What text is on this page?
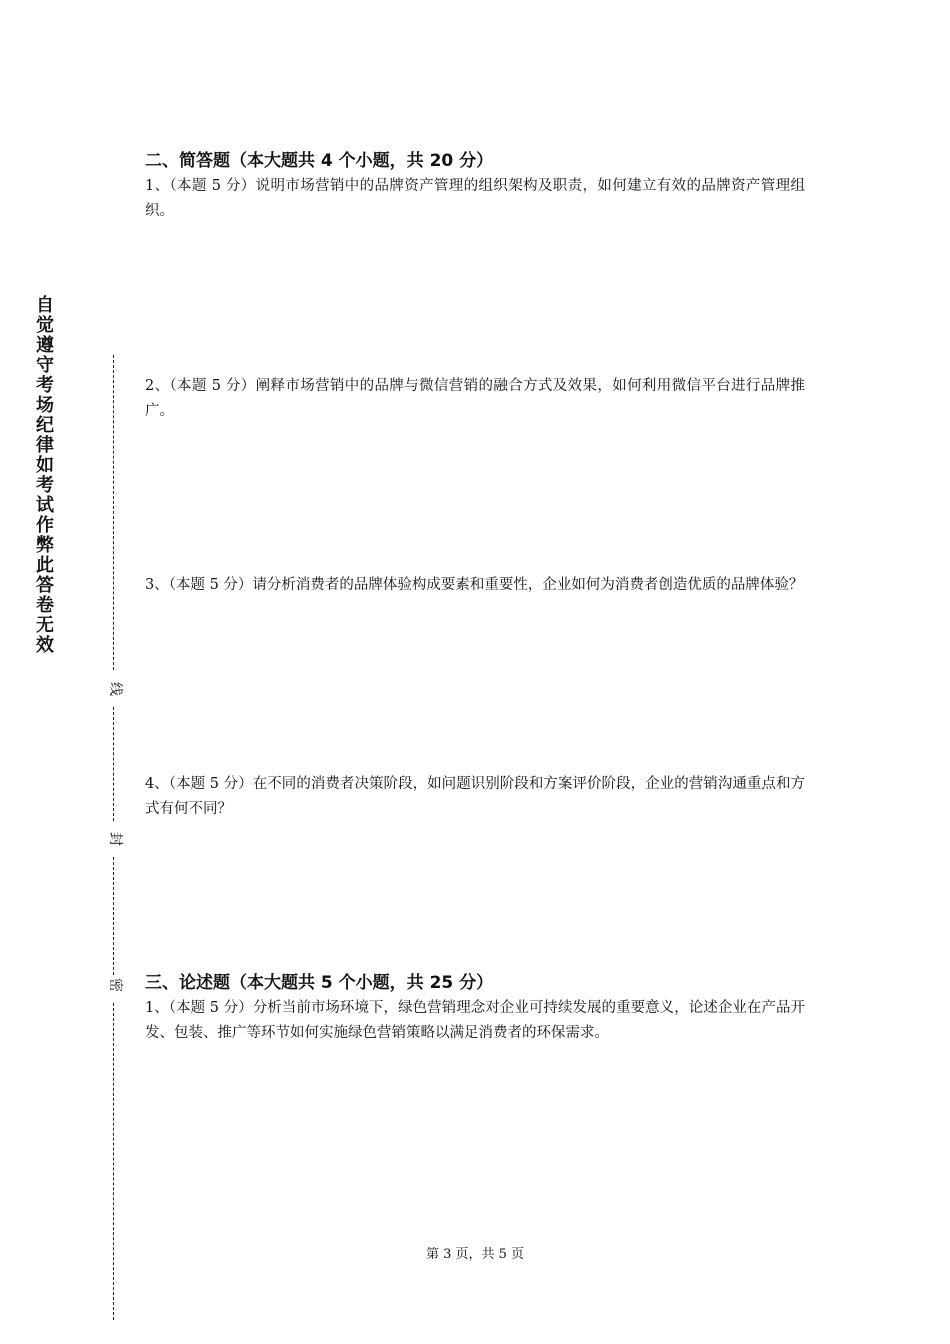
自觉遵守考场纪律如考试作弊此答卷无效
线
封
密
二、简答题（本大题共 4 个小题，共 20 分）
1、（本题 5 分）说明市场营销中的品牌资产管理的组织架构及职责，如何建立有效的品牌资产管理组织。
2、（本题 5 分）阐释市场营销中的品牌与微信营销的融合方式及效果，如何利用微信平台进行品牌推广。
3、（本题 5 分）请分析消费者的品牌体验构成要素和重要性，企业如何为消费者创造优质的品牌体验？
4、（本题 5 分）在不同的消费者决策阶段，如问题识别阶段和方案评价阶段，企业的营销沟通重点和方式有何不同？
三、论述题（本大题共 5 个小题，共 25 分）
1、（本题 5 分）分析当前市场环境下，绿色营销理念对企业可持续发展的重要意义，论述企业在产品开发、包装、推广等环节如何实施绿色营销策略以满足消费者的环保需求。
第 3 页，共 5 页
